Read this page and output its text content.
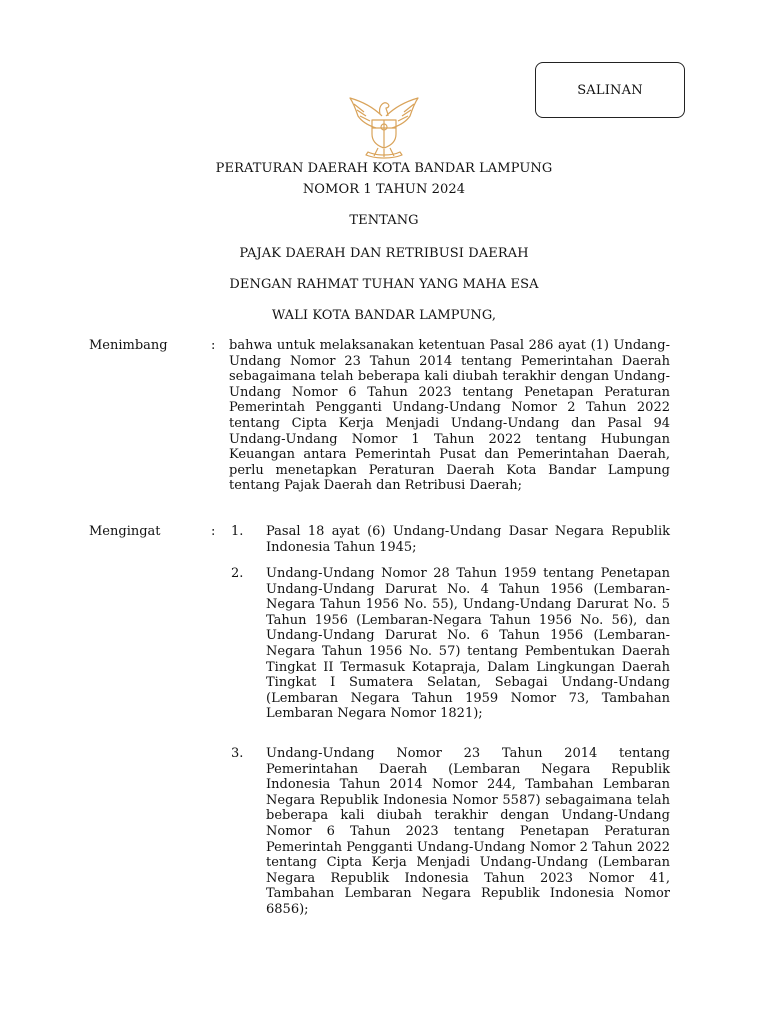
SALINAN
PERATURAN DAERAH KOTA BANDAR LAMPUNG
NOMOR 1 TAHUN 2024
TENTANG
PAJAK DAERAH DAN RETRIBUSI DAERAH
DENGAN RAHMAT TUHAN YANG MAHA ESA
WALI KOTA BANDAR LAMPUNG,
Menimbang	: bahwa untuk melaksanakan ketentuan Pasal 286 ayat (1) Undang-Undang Nomor 23 Tahun 2014 tentang Pemerintahan Daerah sebagaimana telah beberapa kali diubah terakhir dengan Undang-Undang Nomor 6 Tahun 2023 tentang Penetapan Peraturan Pemerintah Pengganti Undang-Undang Nomor 2 Tahun 2022 tentang Cipta Kerja Menjadi Undang-Undang dan Pasal 94 Undang-Undang Nomor 1 Tahun 2022 tentang Hubungan Keuangan antara Pemerintah Pusat dan Pemerintahan Daerah, perlu menetapkan Peraturan Daerah Kota Bandar Lampung tentang Pajak Daerah dan Retribusi Daerah;
Mengingat	: 1. Pasal 18 ayat (6) Undang-Undang Dasar Negara Republik Indonesia Tahun 1945;
2. Undang-Undang Nomor 28 Tahun 1959 tentang Penetapan Undang-Undang Darurat No. 4 Tahun 1956 (Lembaran-Negara Tahun 1956 No. 55), Undang-Undang Darurat No. 5 Tahun 1956 (Lembaran-Negara Tahun 1956 No. 56), dan Undang-Undang Darurat No. 6 Tahun 1956 (Lembaran-Negara Tahun 1956 No. 57) tentang Pembentukan Daerah Tingkat II Termasuk Kotapraja, Dalam Lingkungan Daerah Tingkat I Sumatera Selatan, Sebagai Undang-Undang (Lembaran Negara Tahun 1959 Nomor 73, Tambahan Lembaran Negara Nomor 1821);
3. Undang-Undang Nomor 23 Tahun 2014 tentang Pemerintahan Daerah (Lembaran Negara Republik Indonesia Tahun 2014 Nomor 244, Tambahan Lembaran Negara Republik Indonesia Nomor 5587) sebagaimana telah beberapa kali diubah terakhir dengan Undang-Undang Nomor 6 Tahun 2023 tentang Penetapan Peraturan Pemerintah Pengganti Undang-Undang Nomor 2 Tahun 2022 tentang Cipta Kerja Menjadi Undang-Undang (Lembaran Negara Republik Indonesia Tahun 2023 Nomor 41, Tambahan Lembaran Negara Republik Indonesia Nomor 6856);
